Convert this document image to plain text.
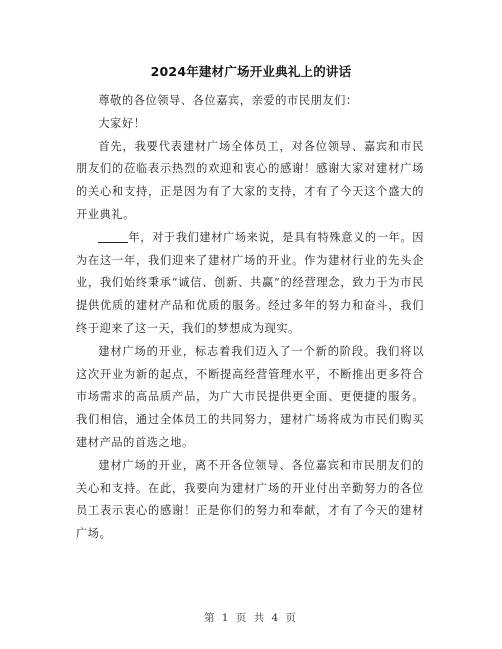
2024年建材广场开业典礼上的讲话

尊敬的各位领导、各位嘉宾，亲爱的市民朋友们：

大家好！

首先，我要代表建材广场全体员工，对各位领导、嘉宾和市民朋友们的莅临表示热烈的欢迎和衷心的感谢！感谢大家对建材广场的关心和支持，正是因为有了大家的支持，才有了今天这个盛大的开业典礼。

年，对于我们建材广场来说，是具有特殊意义的一年。因为在这一年，我们迎来了建材广场的开业。作为建材行业的先头企业，我们始终秉承“诚信、创新、共赢”的经营理念，致力于为市民提供优质的建材产品和优质的服务。经过多年的努力和奋斗，我们终于迎来了这一天，我们的梦想成为现实。

建材广场的开业，标志着我们迈入了一个新的阶段。我们将以这次开业为新的起点，不断提高经营管理水平，不断推出更多符合市场需求的高品质产品，为广大市民提供更全面、更便捷的服务。我们相信，通过全体员工的共同努力，建材广场将成为市民们购买建材产品的首选之地。

建材广场的开业，离不开各位领导、各位嘉宾和市民朋友们的关心和支持。在此，我要向为建材广场的开业付出辛勤努力的各位员工表示衷心的感谢！正是你们的努力和奉献，才有了今天的建材广场。

第 1 页 共 4 页
